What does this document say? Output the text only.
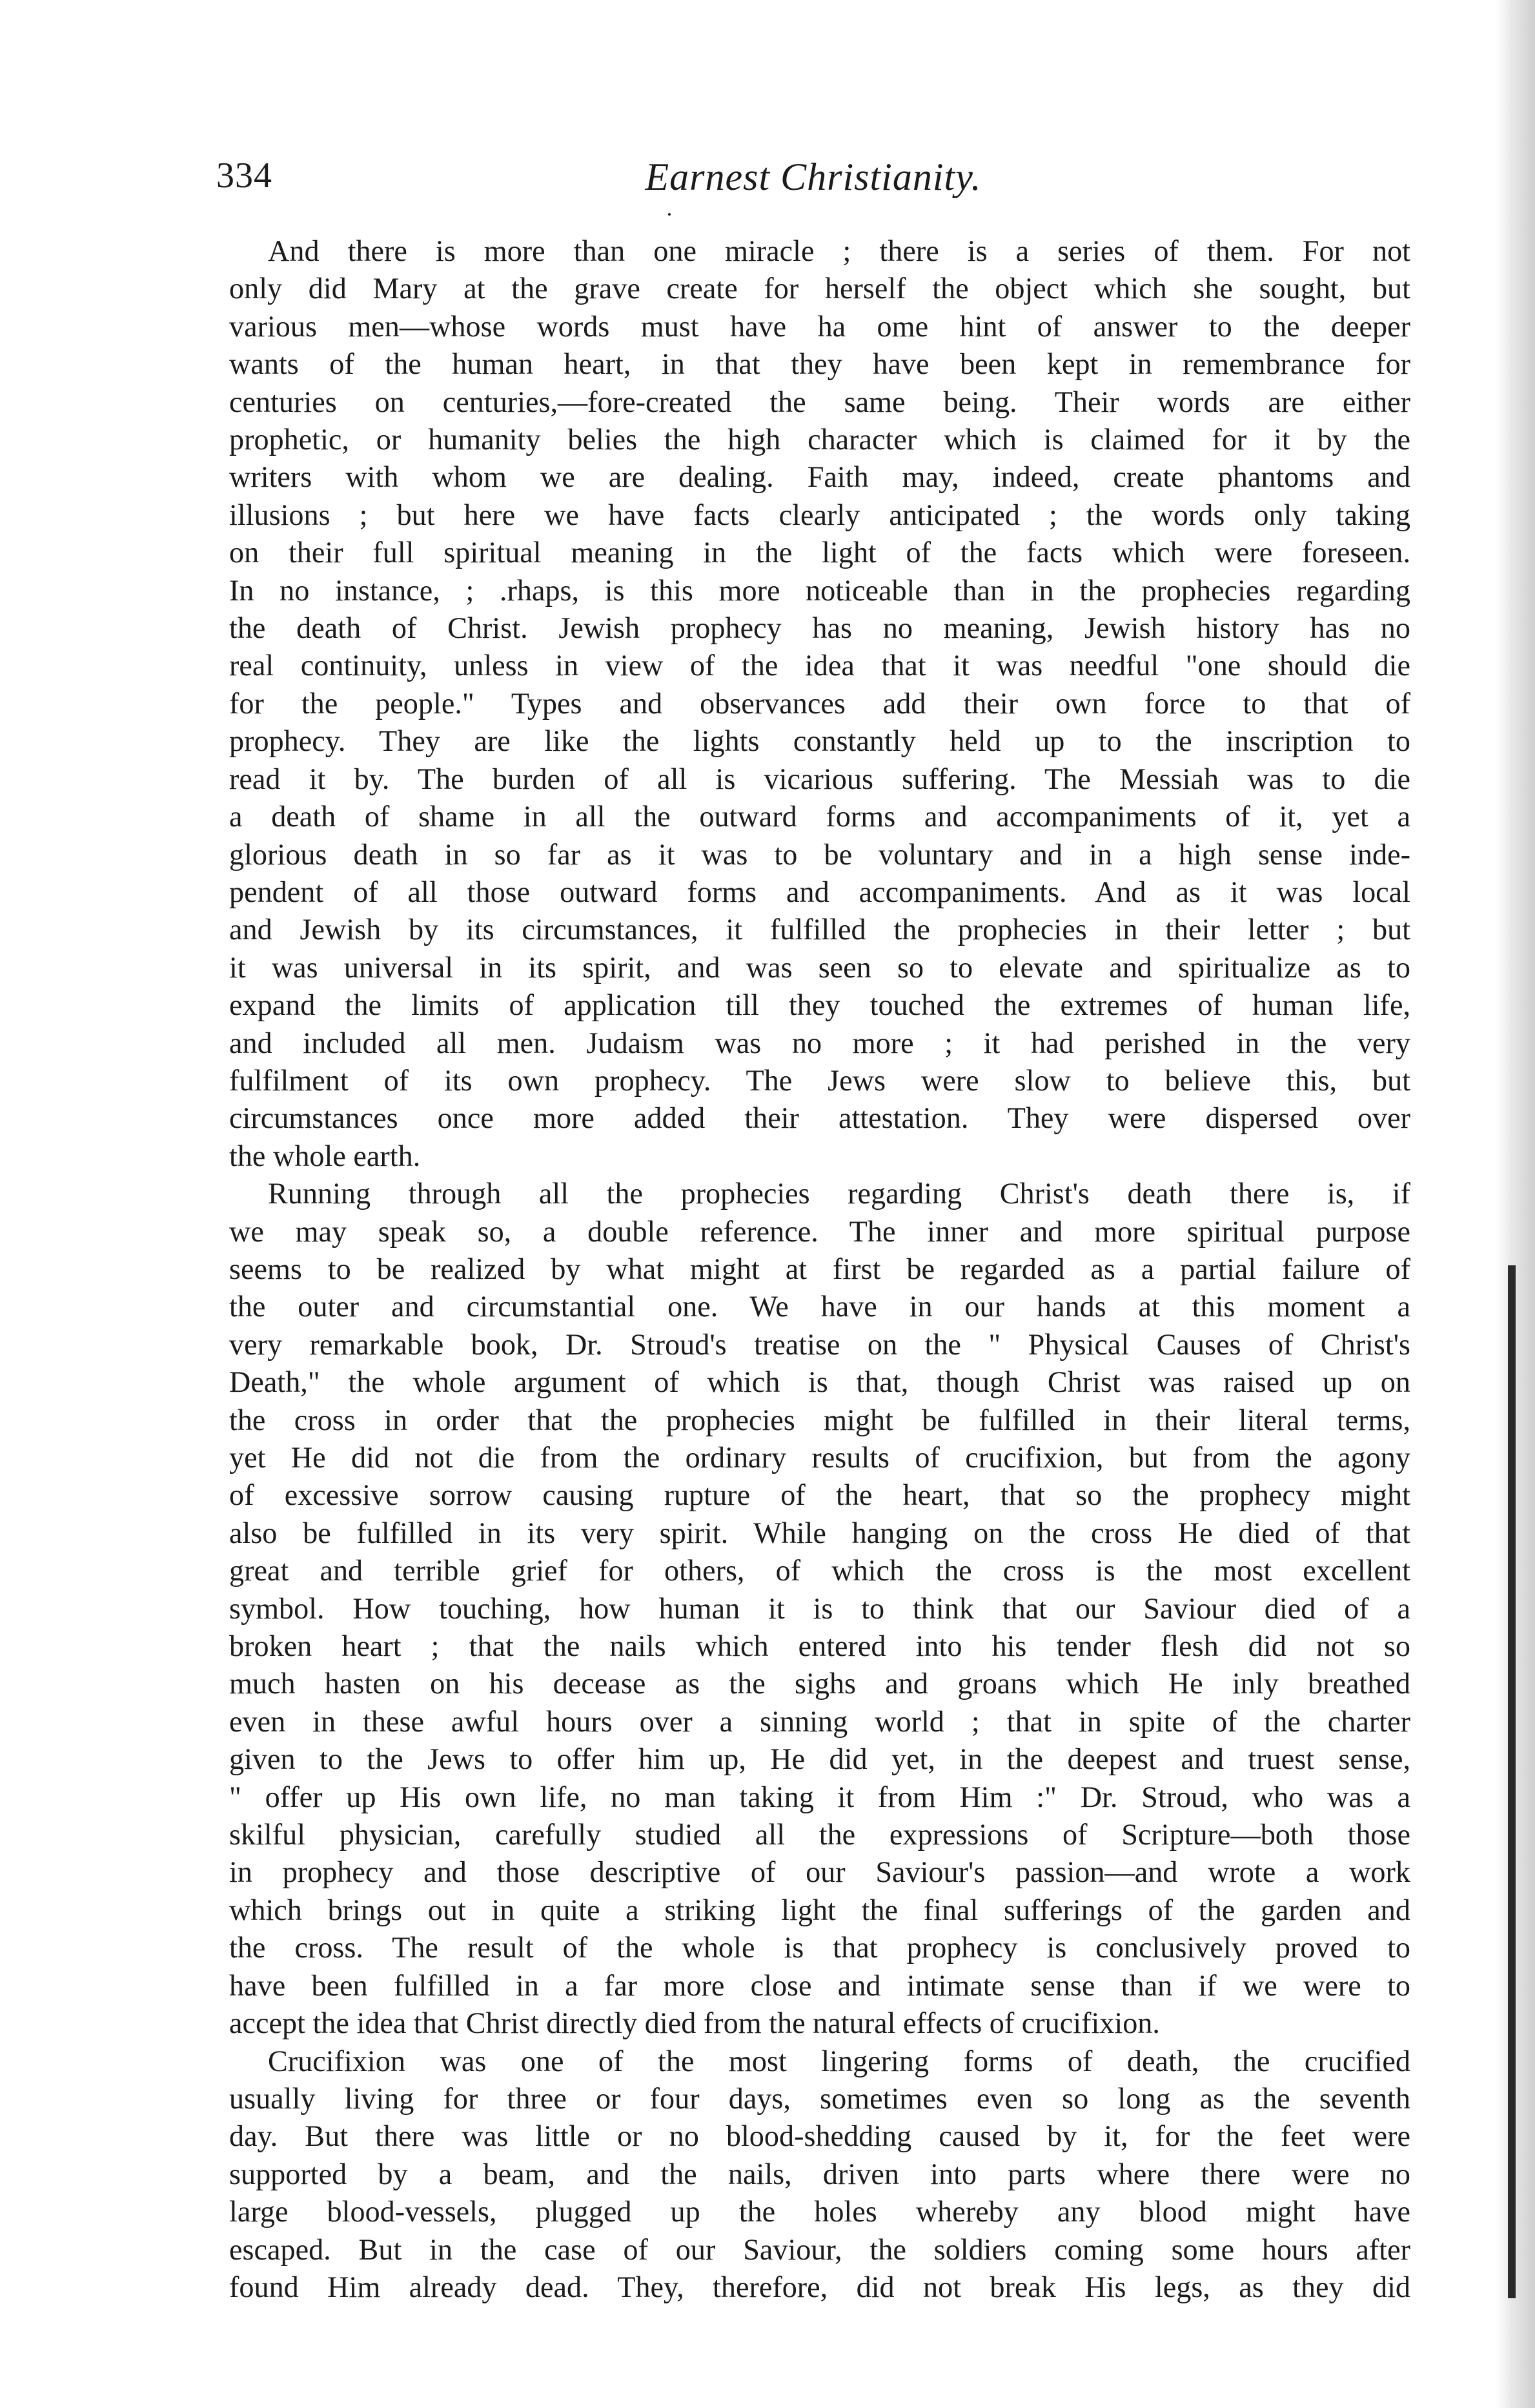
334	Earnest Christianity.
And there is more than one miracle ; there is a series of them. For not
only did Mary at the grave create for herself the object which she sought, but
various men—whose words must have ha ome hint of answer to the deeper
wants of the human heart, in that they have been kept in remembrance for
centuries on centuries,—fore-created the same being. Their words are either
prophetic, or humanity belies the high character which is claimed for it by the
writers with whom we are dealing. Faith may, indeed, create phantoms and
illusions ; but here we have facts clearly anticipated ; the words only taking
on their full spiritual meaning in the light of the facts which were foreseen.
In no instance, ; .rhaps, is this more noticeable than in the prophecies regarding
the death of Christ. Jewish prophecy has no meaning, Jewish history has no
real continuity, unless in view of the idea that it was needful "one should die
for the people." Types and observances add their own force to that of
prophecy. They are like the lights constantly held up to the inscription to
read it by. The burden of all is vicarious suffering. The Messiah was to die
a death of shame in all the outward forms and accompaniments of it, yet a
glorious death in so far as it was to be voluntary and in a high sense inde-
pendent of all those outward forms and accompaniments. And as it was local
and Jewish by its circumstances, it fulfilled the prophecies in their letter ; but
it was universal in its spirit, and was seen so to elevate and spiritualize as to
expand the limits of application till they touched the extremes of human life,
and included all men. Judaism was no more ; it had perished in the very
fulfilment of its own prophecy. The Jews were slow to believe this, but
circumstances once more added their attestation. They were dispersed over
the whole earth.
Running through all the prophecies regarding Christ's death there is, if
we may speak so, a double reference. The inner and more spiritual purpose
seems to be realized by what might at first be regarded as a partial failure of
the outer and circumstantial one. We have in our hands at this moment a
very remarkable book, Dr. Stroud's treatise on the " Physical Causes of Christ's
Death," the whole argument of which is that, though Christ was raised up on
the cross in order that the prophecies might be fulfilled in their literal terms,
yet He did not die from the ordinary results of crucifixion, but from the agony
of excessive sorrow causing rupture of the heart, that so the prophecy might
also be fulfilled in its very spirit. While hanging on the cross He died of that
great and terrible grief for others, of which the cross is the most excellent
symbol. How touching, how human it is to think that our Saviour died of a
broken heart ; that the nails which entered into his tender flesh did not so
much hasten on his decease as the sighs and groans which He inly breathed
even in these awful hours over a sinning world ; that in spite of the charter
given to the Jews to offer him up, He did yet, in the deepest and truest sense,
" offer up His own life, no man taking it from Him :" Dr. Stroud, who was a
skilful physician, carefully studied all the expressions of Scripture—both those
in prophecy and those descriptive of our Saviour's passion—and wrote a work
which brings out in quite a striking light the final sufferings of the garden and
the cross. The result of the whole is that prophecy is conclusively proved to
have been fulfilled in a far more close and intimate sense than if we were to
accept the idea that Christ directly died from the natural effects of crucifixion.
Crucifixion was one of the most lingering forms of death, the crucified
usually living for three or four days, sometimes even so long as the seventh
day. But there was little or no blood-shedding caused by it, for the feet were
supported by a beam, and the nails, driven into parts where there were no
large blood-vessels, plugged up the holes whereby any blood might have
escaped. But in the case of our Saviour, the soldiers coming some hours after
found Him already dead. They, therefore, did not break His legs, as they did
